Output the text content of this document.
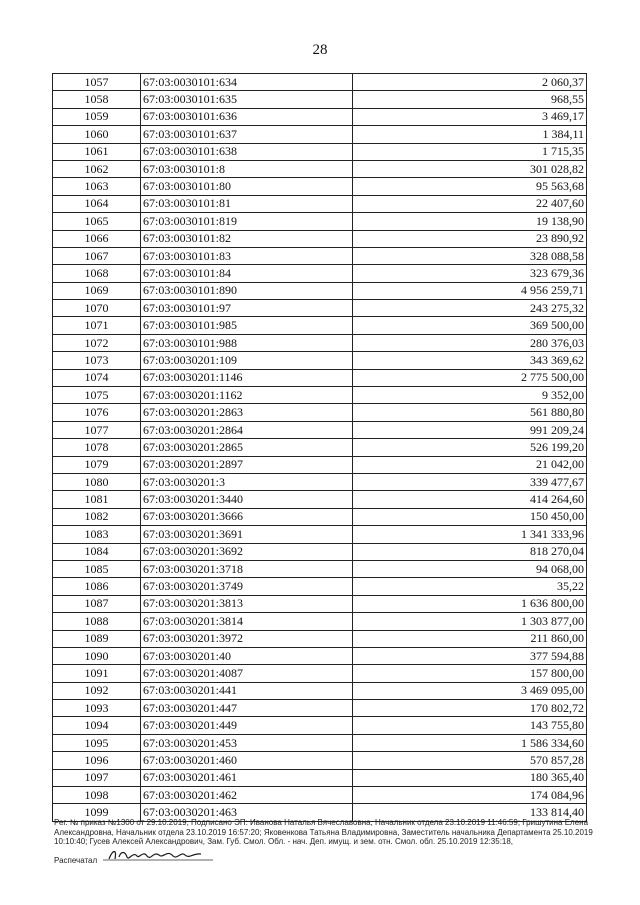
28
1057	67:03:0030101:634	2 060,37
1058	67:03:0030101:635	968,55
1059	67:03:0030101:636	3 469,17
1060	67:03:0030101:637	1 384,11
1061	67:03:0030101:638	1 715,35
1062	67:03:0030101:8	301 028,82
1063	67:03:0030101:80	95 563,68
1064	67:03:0030101:81	22 407,60
1065	67:03:0030101:819	19 138,90
1066	67:03:0030101:82	23 890,92
1067	67:03:0030101:83	328 088,58
1068	67:03:0030101:84	323 679,36
1069	67:03:0030101:890	4 956 259,71
1070	67:03:0030101:97	243 275,32
1071	67:03:0030101:985	369 500,00
1072	67:03:0030101:988	280 376,03
1073	67:03:0030201:109	343 369,62
1074	67:03:0030201:1146	2 775 500,00
1075	67:03:0030201:1162	9 352,00
1076	67:03:0030201:2863	561 880,80
1077	67:03:0030201:2864	991 209,24
1078	67:03:0030201:2865	526 199,20
1079	67:03:0030201:2897	21 042,00
1080	67:03:0030201:3	339 477,67
1081	67:03:0030201:3440	414 264,60
1082	67:03:0030201:3666	150 450,00
1083	67:03:0030201:3691	1 341 333,96
1084	67:03:0030201:3692	818 270,04
1085	67:03:0030201:3718	94 068,00
1086	67:03:0030201:3749	35,22
1087	67:03:0030201:3813	1 636 800,00
1088	67:03:0030201:3814	1 303 877,00
1089	67:03:0030201:3972	211 860,00
1090	67:03:0030201:40	377 594,88
1091	67:03:0030201:4087	157 800,00
1092	67:03:0030201:441	3 469 095,00
1093	67:03:0030201:447	170 802,72
1094	67:03:0030201:449	143 755,80
1095	67:03:0030201:453	1 586 334,60
1096	67:03:0030201:460	570 857,28
1097	67:03:0030201:461	180 365,40
1098	67:03:0030201:462	174 084,96
1099	67:03:0030201:463	133 814,40
Рег. № приказ №1300 от 29.10.2019, Подписано ЭП: Иванова Наталья Вячеславовна, Начальник отдела 23.10.2019 11:46:59; Гришутина Елена
Александровна, Начальник отдела 23.10.2019 16:57:20; Яковенкова Татьяна Владимировна, Заместитель начальника Департамента 25.10.2019
10:10:40; Гусев Алексей Александрович, Зам. Губ. Смол. Обл. - нач. Деп. имущ. и зем. отн. Смол. обл. 25.10.2019 12:35:18,
Распечатал
